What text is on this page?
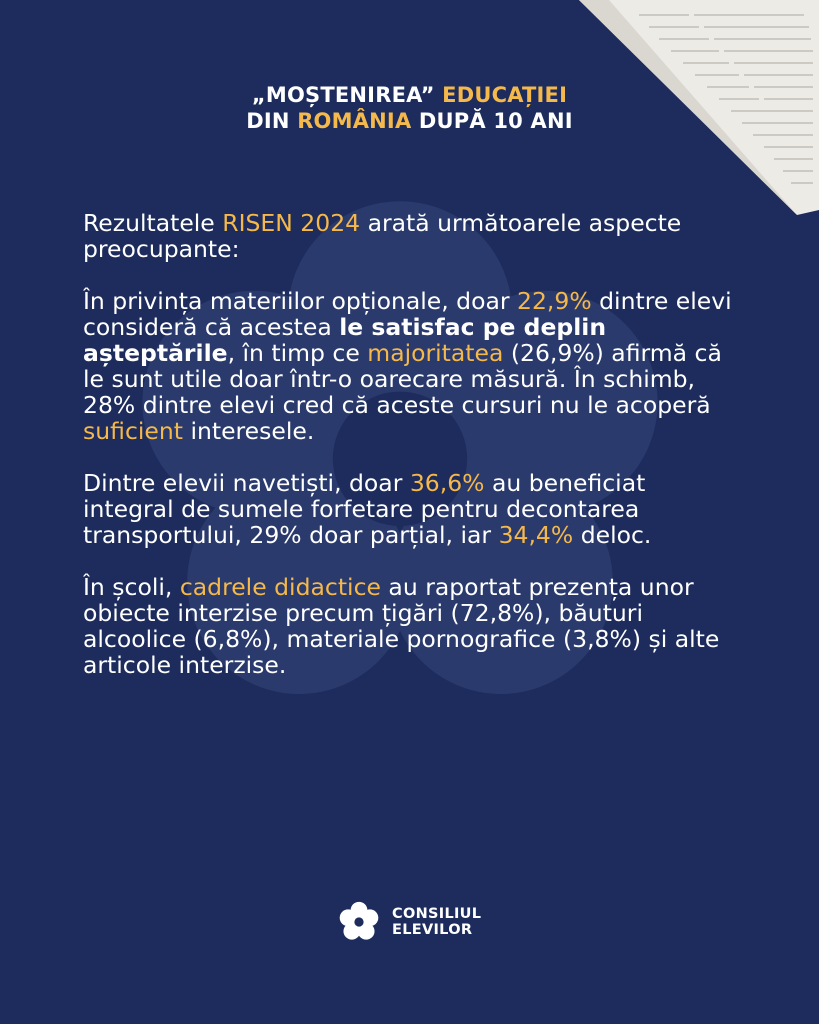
„MOȘTENIREA” EDUCAȚIEI
DIN ROMÂNIA DUPĂ 10 ANI

Rezultatele RISEN 2024 arată următoarele aspecte preocupante:

În privința materiilor opționale, doar 22,9% dintre elevi consideră că acestea le satisfac pe deplin așteptările, în timp ce majoritatea (26,9%) afirmă că le sunt utile doar într-o oarecare măsură. În schimb, 28% dintre elevi cred că aceste cursuri nu le acoperă suficient interesele.

Dintre elevii navetiști, doar 36,6% au beneficiat integral de sumele forfetare pentru decontarea transportului, 29% doar parțial, iar 34,4% deloc.

În școli, cadrele didactice au raportat prezența unor obiecte interzise precum țigări (72,8%), băuturi alcoolice (6,8%), materiale pornografice (3,8%) și alte articole interzise.

CONSILIUL
ELEVILOR
